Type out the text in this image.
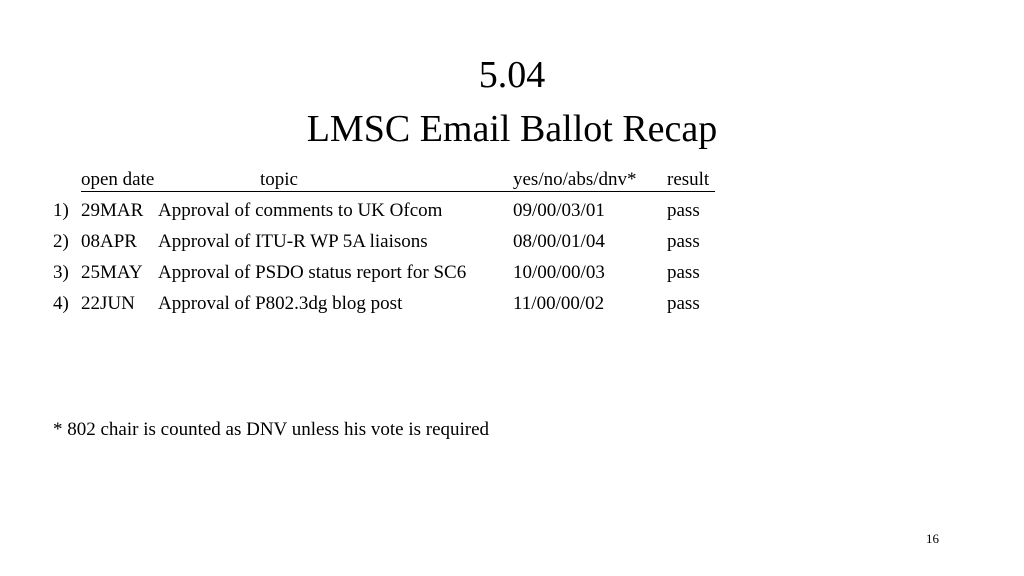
5.04
LMSC Email Ballot Recap
open date	topic	yes/no/abs/dnv* result
1) 29MAR Approval of comments to UK Ofcom	09/00/03/01	pass
2) 08APR Approval of ITU-R WP 5A liaisons	08/00/01/04	pass
3) 25MAY Approval of PSDO status report for SC6 10/00/00/03	pass
4) 22JUN Approval of P802.3dg blog post	11/00/00/02	pass
* 802 chair is counted as DNV unless his vote is required
16
